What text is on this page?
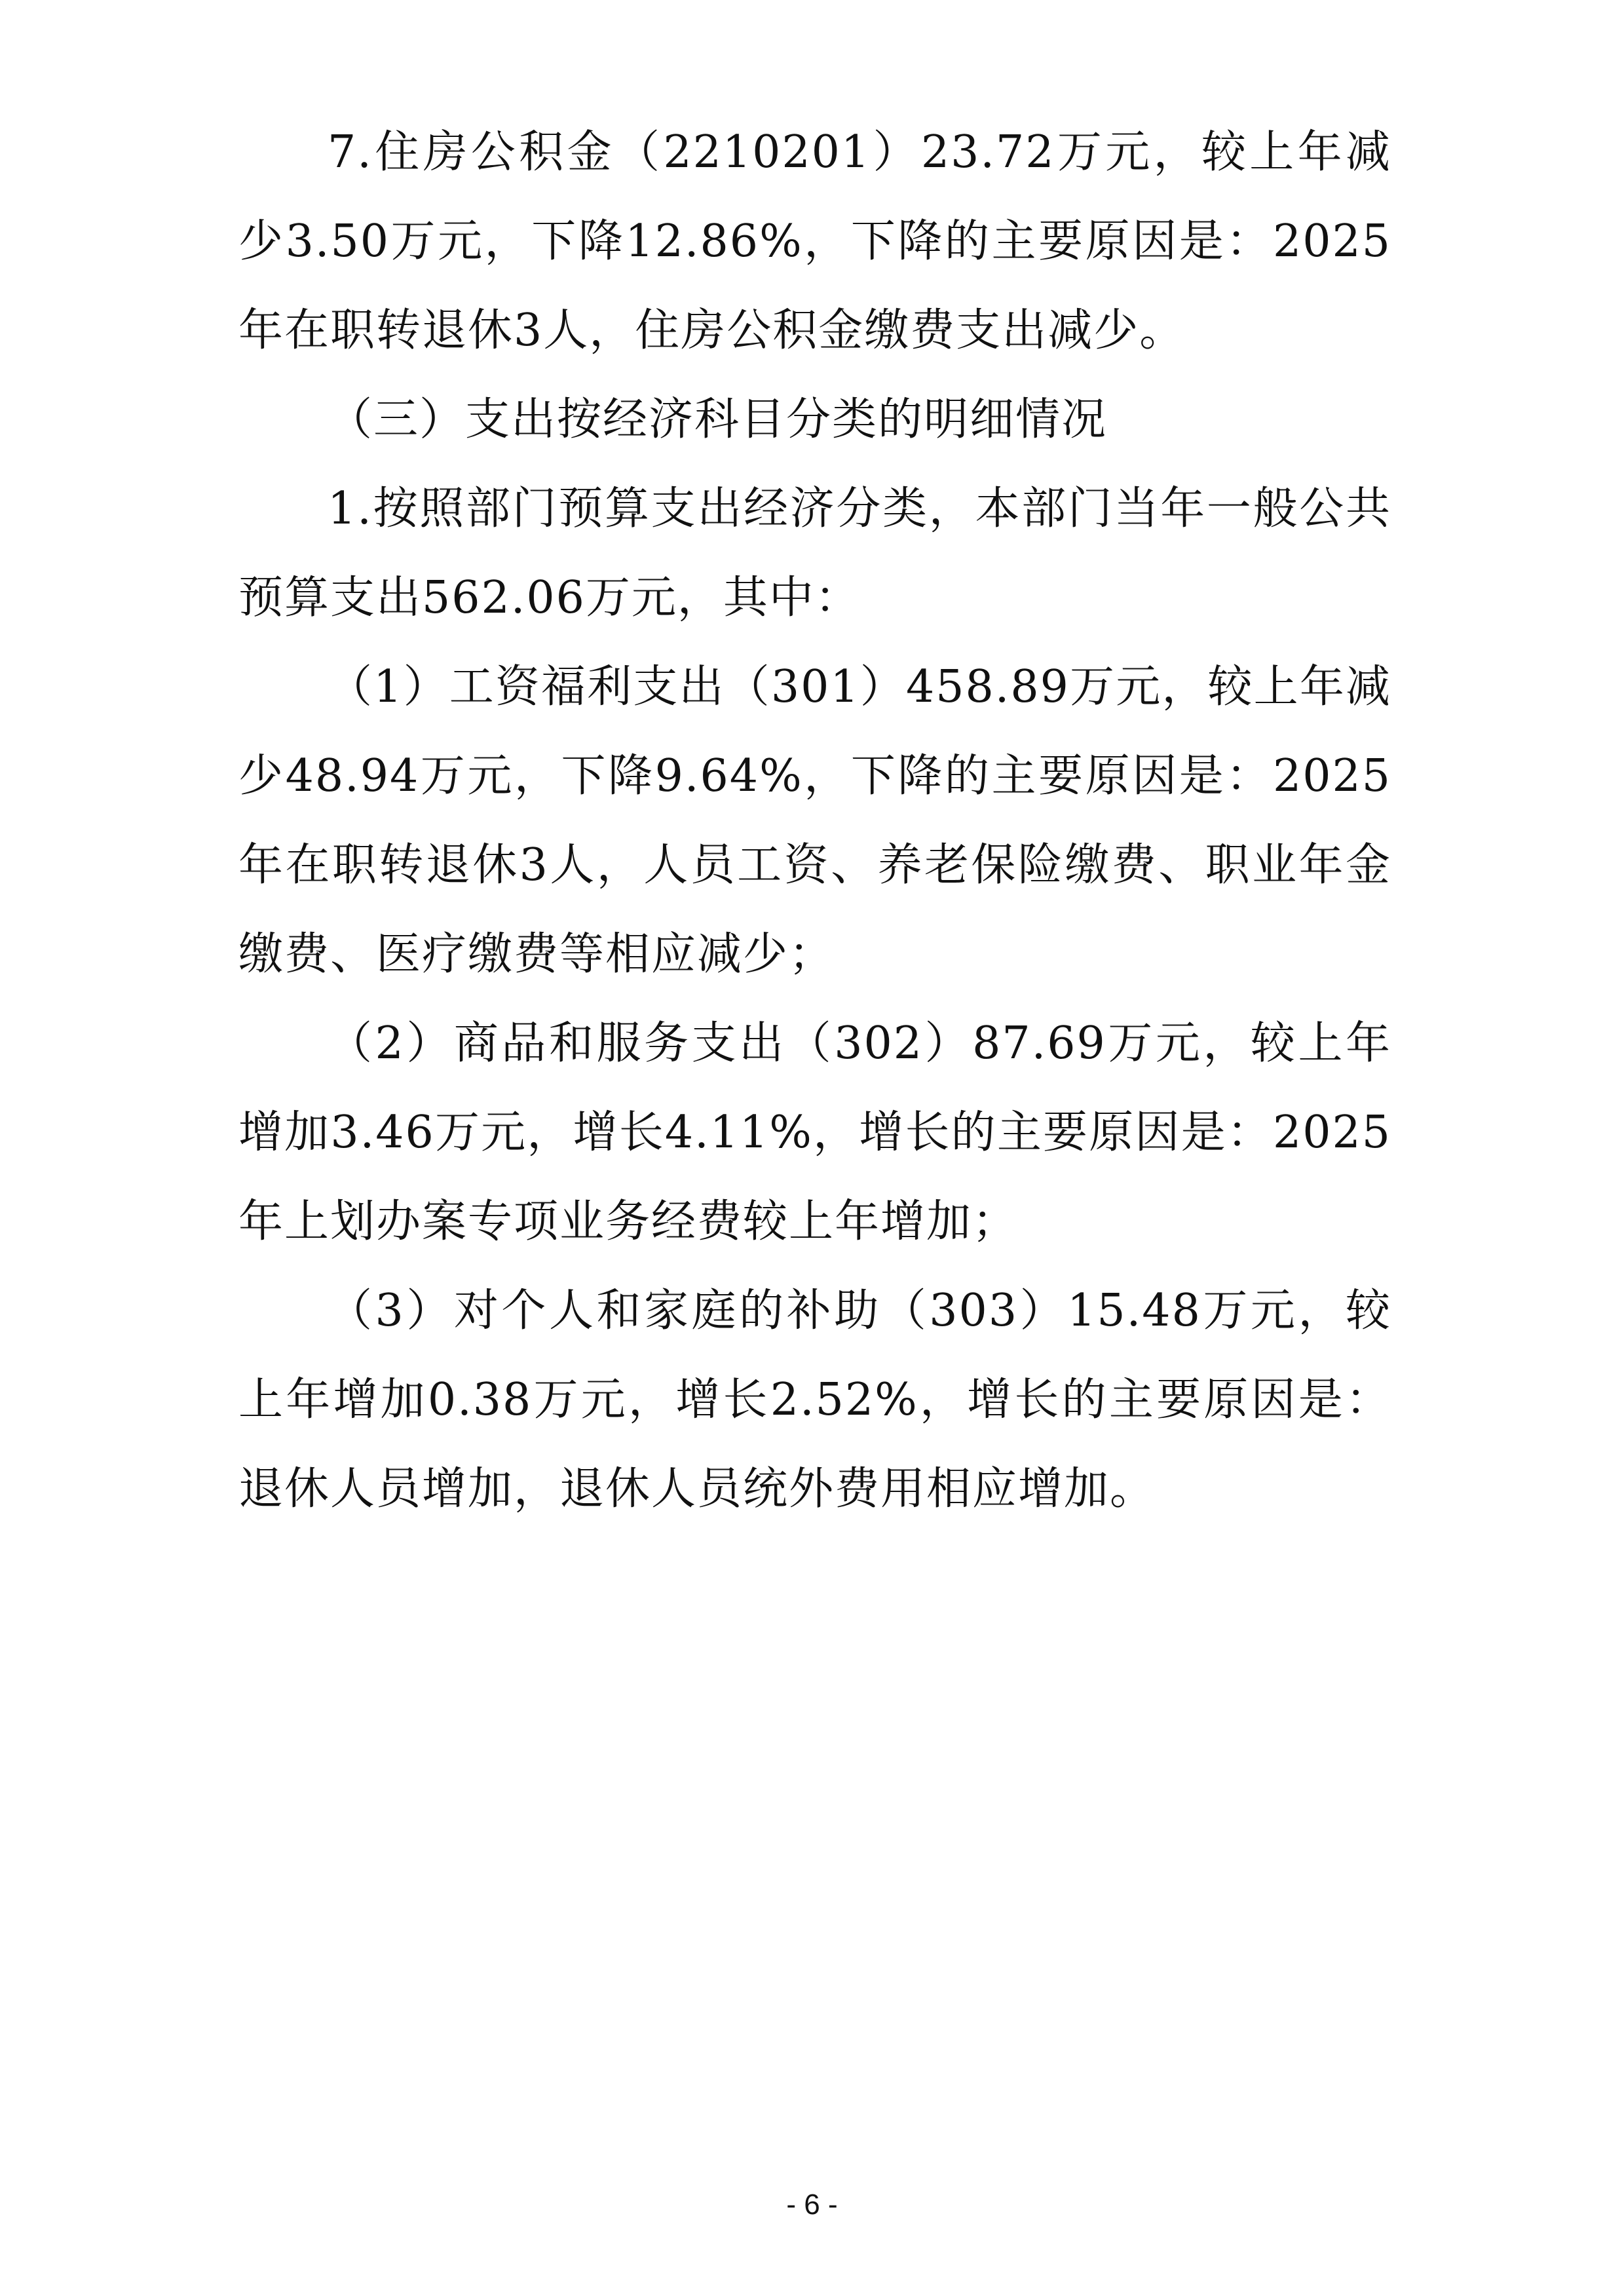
7.住房公积金（2210201）23.72万元，较上年减少3.50万元，下降12.86%，下降的主要原因是：2025年在职转退休3人，住房公积金缴费支出减少。

（三）支出按经济科目分类的明细情况

1.按照部门预算支出经济分类，本部门当年一般公共预算支出562.06万元，其中：

（1）工资福利支出（301）458.89万元，较上年减少48.94万元，下降9.64%，下降的主要原因是：2025年在职转退休3人，人员工资、养老保险缴费、职业年金缴费、医疗缴费等相应减少；

（2）商品和服务支出（302）87.69万元，较上年增加3.46万元，增长4.11%，增长的主要原因是：2025年上划办案专项业务经费较上年增加；

（3）对个人和家庭的补助（303）15.48万元，较上年增加0.38万元，增长2.52%，增长的主要原因是：退休人员增加，退休人员统外费用相应增加。

- 6 -
